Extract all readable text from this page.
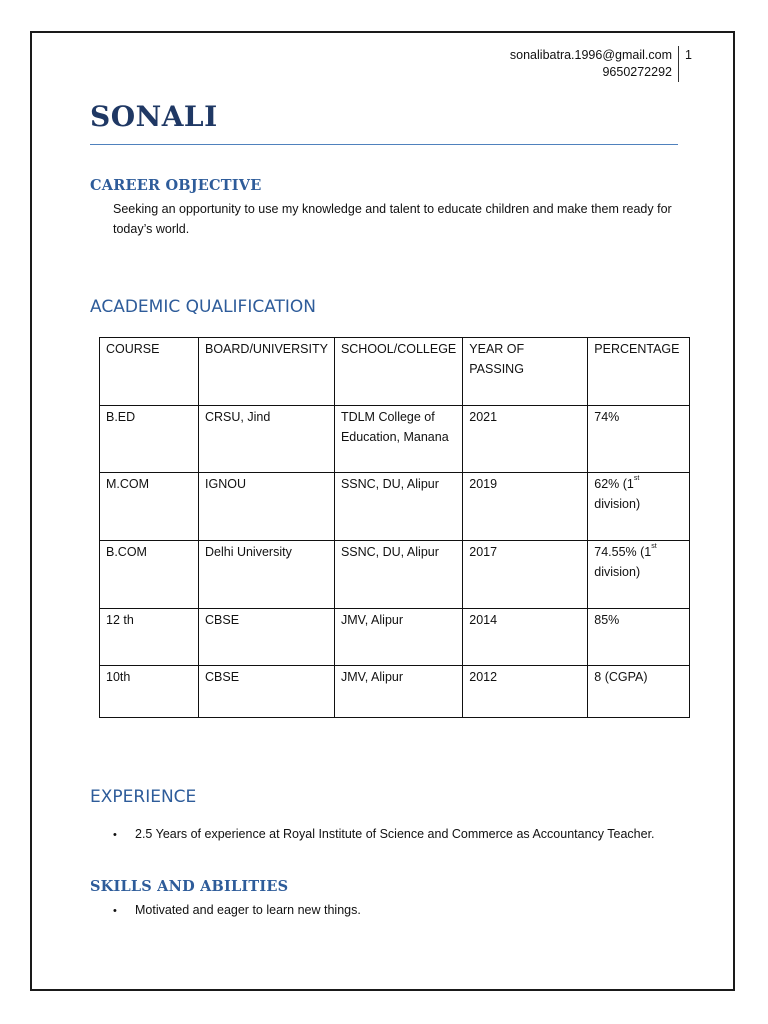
sonalibatra.1996@gmail.com
9650272292
1
SONALI
CAREER OBJECTIVE
Seeking an opportunity to use my knowledge and talent to educate children and make them ready for today’s world.
ACADEMIC QUALIFICATION
COURSE	BOARD/UNIVERSITY	SCHOOL/COLLEGE	YEAR OF PASSING	PERCENTAGE
B.ED	CRSU, Jind	TDLM College of Education, Manana	2021	74%
M.COM	IGNOU	SSNC, DU, Alipur	2019	62% (1st division)
B.COM	Delhi University	SSNC, DU, Alipur	2017	74.55% (1st division)
12 th	CBSE	JMV, Alipur	2014	85%
10th	CBSE	JMV, Alipur	2012	8 (CGPA)
EXPERIENCE
• 2.5 Years of experience at Royal Institute of Science and Commerce as Accountancy Teacher.
SKILLS AND ABILITIES
• Motivated and eager to learn new things.
